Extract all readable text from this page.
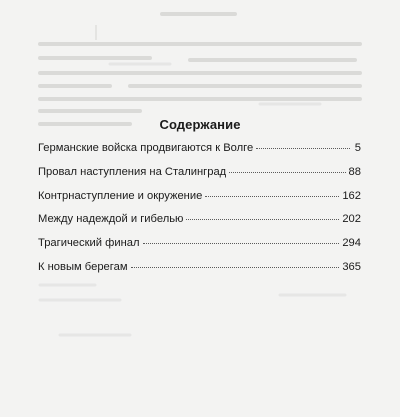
Содержание
Германские войска продвигаются к Волге	5
Провал наступления на Сталинград	88
Контрнаступление и окружение	162
Между надеждой и гибелью	202
Трагический финал	294
К новым берегам	365
